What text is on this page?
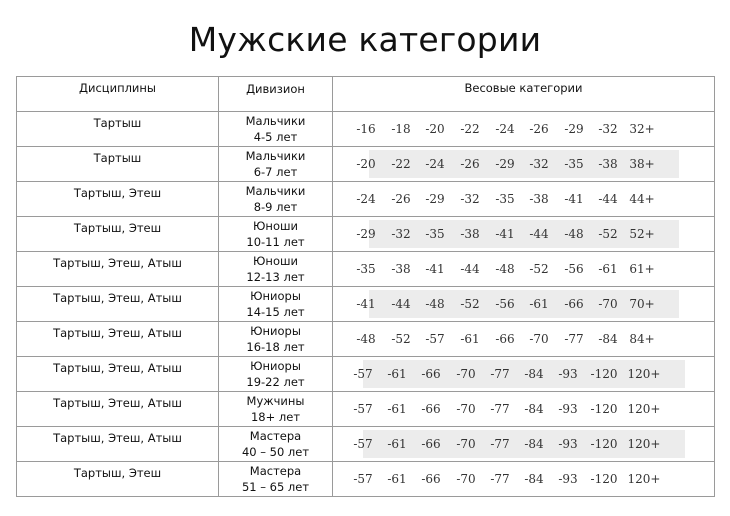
Мужские категории
Дисциплины	Дивизион	Весовые категории
Тартыш	Мальчики
4-5 лет
-16 -18 -20 -22 -24 -26 -29 -32 32+
Тартыш	Мальчики
6-7 лет
-20 -22 -24 -26 -29 -32 -35 -38 38+
Тартыш, Этеш	Мальчики
8-9 лет
-24 -26 -29 -32 -35 -38 -41 -44 44+
Тартыш, Этеш	Юноши
10-11 лет
-29 -32 -35 -38 -41 -44 -48 -52 52+
Тартыш, Этеш, Атыш	Юноши
12-13 лет
-35 -38 -41 -44 -48 -52 -56 -61 61+
Тартыш, Этеш, Атыш	Юниоры
14-15 лет
-41 -44 -48 -52 -56 -61 -66 -70 70+
Тартыш, Этеш, Атыш	Юниоры
16-18 лет
-48 -52 -57 -61 -66 -70 -77 -84 84+
Тартыш, Этеш, Атыш	Юниоры
19-22 лет
-57 -61 -66 -70 -77 -84 -93 -120 120+
Тартыш, Этеш, Атыш	Мужчины
18+ лет
-57 -61 -66 -70 -77 -84 -93 -120 120+
Тартыш, Этеш, Атыш	Мастера
40 – 50 лет
-57 -61 -66 -70 -77 -84 -93 -120 120+
Тартыш, Этеш	Мастера
51 – 65 лет
-57 -61 -66 -70 -77 -84 -93 -120 120+
